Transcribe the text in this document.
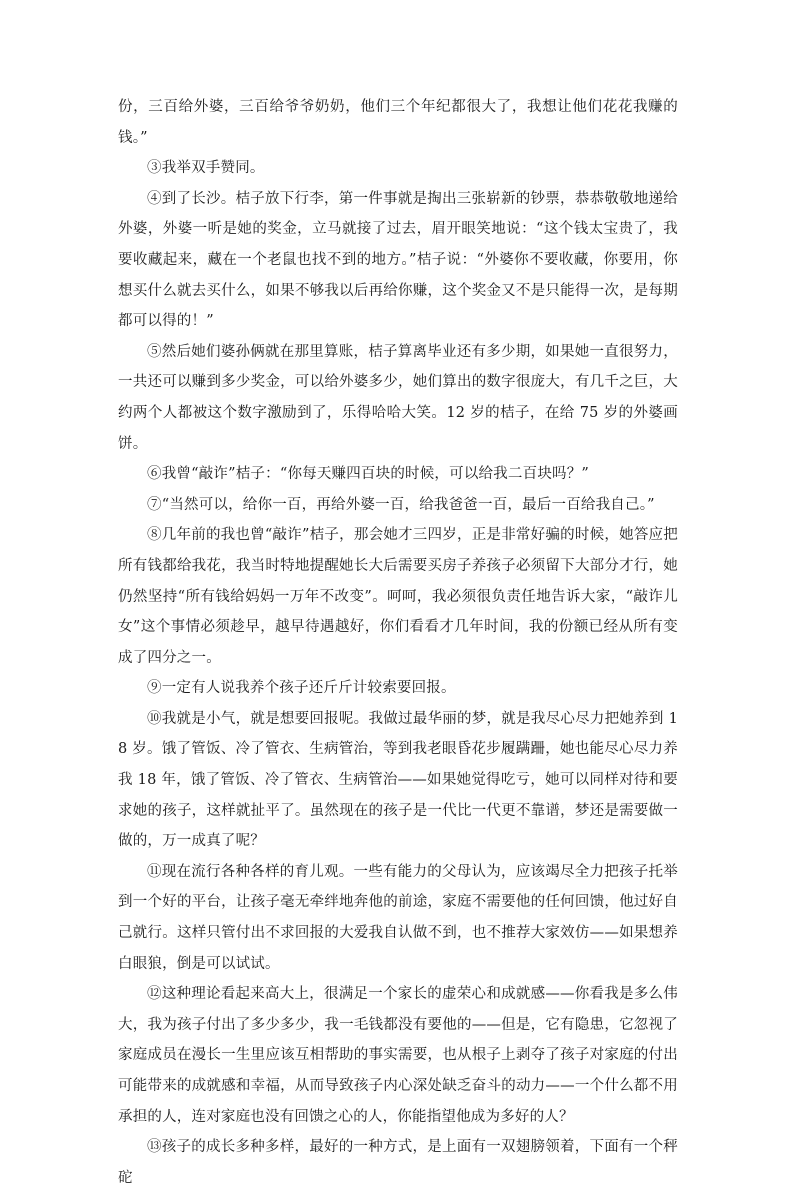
份，三百给外婆，三百给爷爷奶奶，他们三个年纪都很大了，我想让他们花花我赚的钱。”

③我举双手赞同。

④到了长沙。桔子放下行李，第一件事就是掏出三张崭新的钞票，恭恭敬敬地递给外婆，外婆一听是她的奖金，立马就接了过去，眉开眼笑地说：“这个钱太宝贵了，我要收藏起来，藏在一个老鼠也找不到的地方。”桔子说：“外婆你不要收藏，你要用，你想买什么就去买什么，如果不够我以后再给你赚，这个奖金又不是只能得一次，是每期都可以得的！”

⑤然后她们婆孙俩就在那里算账，桔子算离毕业还有多少期，如果她一直很努力，一共还可以赚到多少奖金，可以给外婆多少，她们算出的数字很庞大，有几千之巨，大约两个人都被这个数字激励到了，乐得哈哈大笑。12 岁的桔子，在给 75 岁的外婆画饼。

⑥我曾“敲诈”桔子：“你每天赚四百块的时候，可以给我二百块吗？”

⑦“当然可以，给你一百，再给外婆一百，给我爸爸一百，最后一百给我自己。”

⑧几年前的我也曾“敲诈”桔子，那会她才三四岁，正是非常好骗的时候，她答应把所有钱都给我花，我当时特地提醒她长大后需要买房子养孩子必须留下大部分才行，她仍然坚持“所有钱给妈妈一万年不改变”。呵呵，我必须很负责任地告诉大家，“敲诈儿女”这个事情必须趁早，越早待遇越好，你们看看才几年时间，我的份额已经从所有变成了四分之一。

⑨一定有人说我养个孩子还斤斤计较索要回报。

⑩我就是小气，就是想要回报呢。我做过最华丽的梦，就是我尽心尽力把她养到 18 岁。饿了管饭、冷了管衣、生病管治，等到我老眼昏花步履蹒跚，她也能尽心尽力养我 18 年，饿了管饭、冷了管衣、生病管治——如果她觉得吃亏，她可以同样对待和要求她的孩子，这样就扯平了。虽然现在的孩子是一代比一代更不靠谱，梦还是需要做一做的，万一成真了呢？

⑪现在流行各种各样的育儿观。一些有能力的父母认为，应该竭尽全力把孩子托举到一个好的平台，让孩子毫无牵绊地奔他的前途，家庭不需要他的任何回馈，他过好自己就行。这样只管付出不求回报的大爱我自认做不到，也不推荐大家效仿——如果想养白眼狼，倒是可以试试。

⑫这种理论看起来高大上，很满足一个家长的虚荣心和成就感——你看我是多么伟大，我为孩子付出了多少多少，我一毛钱都没有要他的——但是，它有隐患，它忽视了家庭成员在漫长一生里应该互相帮助的事实需要，也从根子上剥夺了孩子对家庭的付出可能带来的成就感和幸福，从而导致孩子内心深处缺乏奋斗的动力——一个什么都不用承担的人，连对家庭也没有回馈之心的人，你能指望他成为多好的人？

⑬孩子的成长多种多样，最好的一种方式，是上面有一双翅膀领着，下面有一个秤砣
